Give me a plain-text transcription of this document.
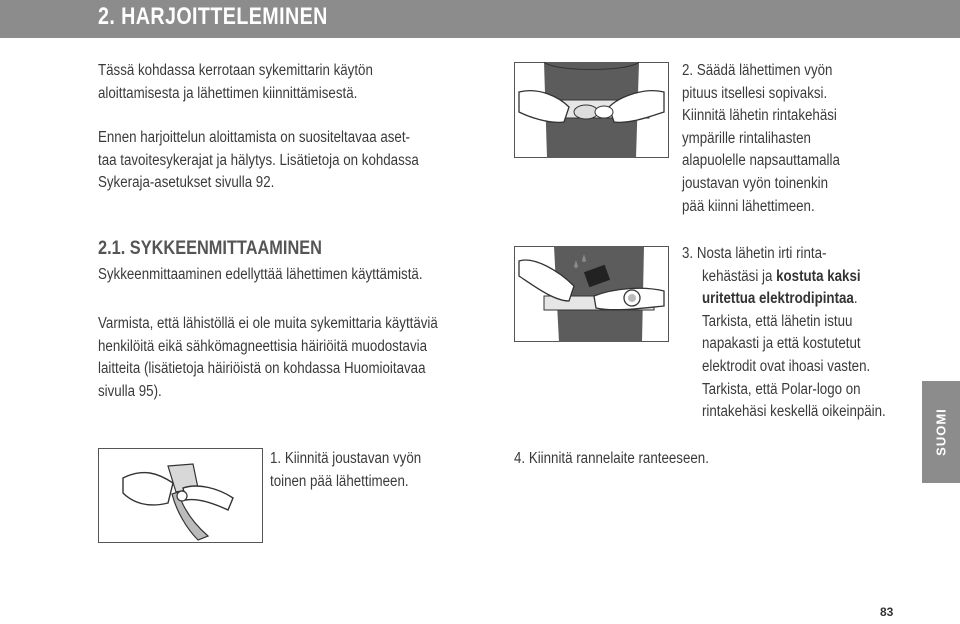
2. HARJOITTELEMINEN

Tässä kohdassa kerrotaan sykemittarin käytön

aloittamisesta ja lähettimen kiinnittämisestä.

Ennen harjoittelun aloittamista on suositeltavaa aset-

taa tavoitesykerajat ja hälytys. Lisätietoja on kohdassa

Sykeraja-asetukset sivulla 92.

2.1. SYKKEENMITTAAMINEN

Sykkeenmittaaminen edellyttää lähettimen käyttämistä.

Varmista, että lähistöllä ei ole muita sykemittaria käyttäviä

henkilöitä eikä sähkömagneettisia häiriöitä muodostavia

laitteita (lisätietoja häiriöistä on kohdassa Huomioitavaa

sivulla 95).

1. Kiinnitä joustavan vyön

toinen pää lähettimeen.

2. Säädä lähettimen vyön

pituus itsellesi sopivaksi.

Kiinnitä lähetin rintakehäsi

ympärille rintalihasten

alapuolelle napsauttamalla

joustavan vyön toinenkin

pää kiinni lähettimeen.

3. Nosta lähetin irti rinta-

  kehästäsi ja kostuta kaksi

  uritettua elektrodipintaa.

  Tarkista, että lähetin istuu

  napakasti ja että kostutetut

  elektrodit ovat ihoasi vasten.

  Tarkista, että Polar-logo on

  rintakehäsi keskellä oikeinpäin.

4. Kiinnitä rannelaite ranteeseen.

SUOMI
83
